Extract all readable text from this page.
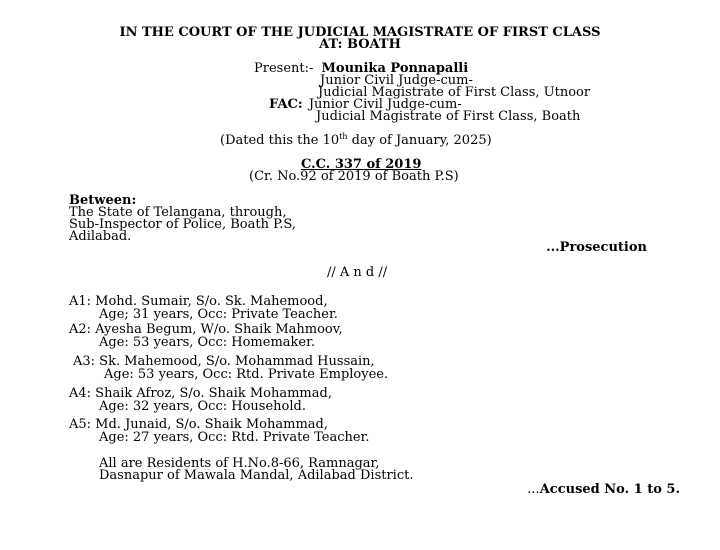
IN THE COURT OF THE JUDICIAL MAGISTRATE OF FIRST CLASS
AT: BOATH
Present:- Mounika Ponnapalli
Junior Civil Judge-cum-
Judicial Magistrate of First Class, Utnoor
FAC: Junior Civil Judge-cum-
Judicial Magistrate of First Class, Boath
(Dated this the 10th day of January, 2025)
C.C. 337 of 2019
(Cr. No.92 of 2019 of Boath P.S)
Between:
The State of Telangana, through,
Sub-Inspector of Police, Boath P.S,
Adilabad.
...Prosecution
// A n d //
A1: Mohd. Sumair, S/o. Sk. Mahemood,
Age; 31 years, Occ: Private Teacher.
A2: Ayesha Begum, W/o. Shaik Mahmoov,
Age: 53 years, Occ: Homemaker.
A3: Sk. Mahemood, S/o. Mohammad Hussain,
Age: 53 years, Occ: Rtd. Private Employee.
A4: Shaik Afroz, S/o. Shaik Mohammad,
Age: 32 years, Occ: Household.
A5: Md. Junaid, S/o. Shaik Mohammad,
Age: 27 years, Occ: Rtd. Private Teacher.
All are Residents of H.No.8-66, Ramnagar,
Dasnapur of Mawala Mandal, Adilabad District.
...Accused No. 1 to 5.
